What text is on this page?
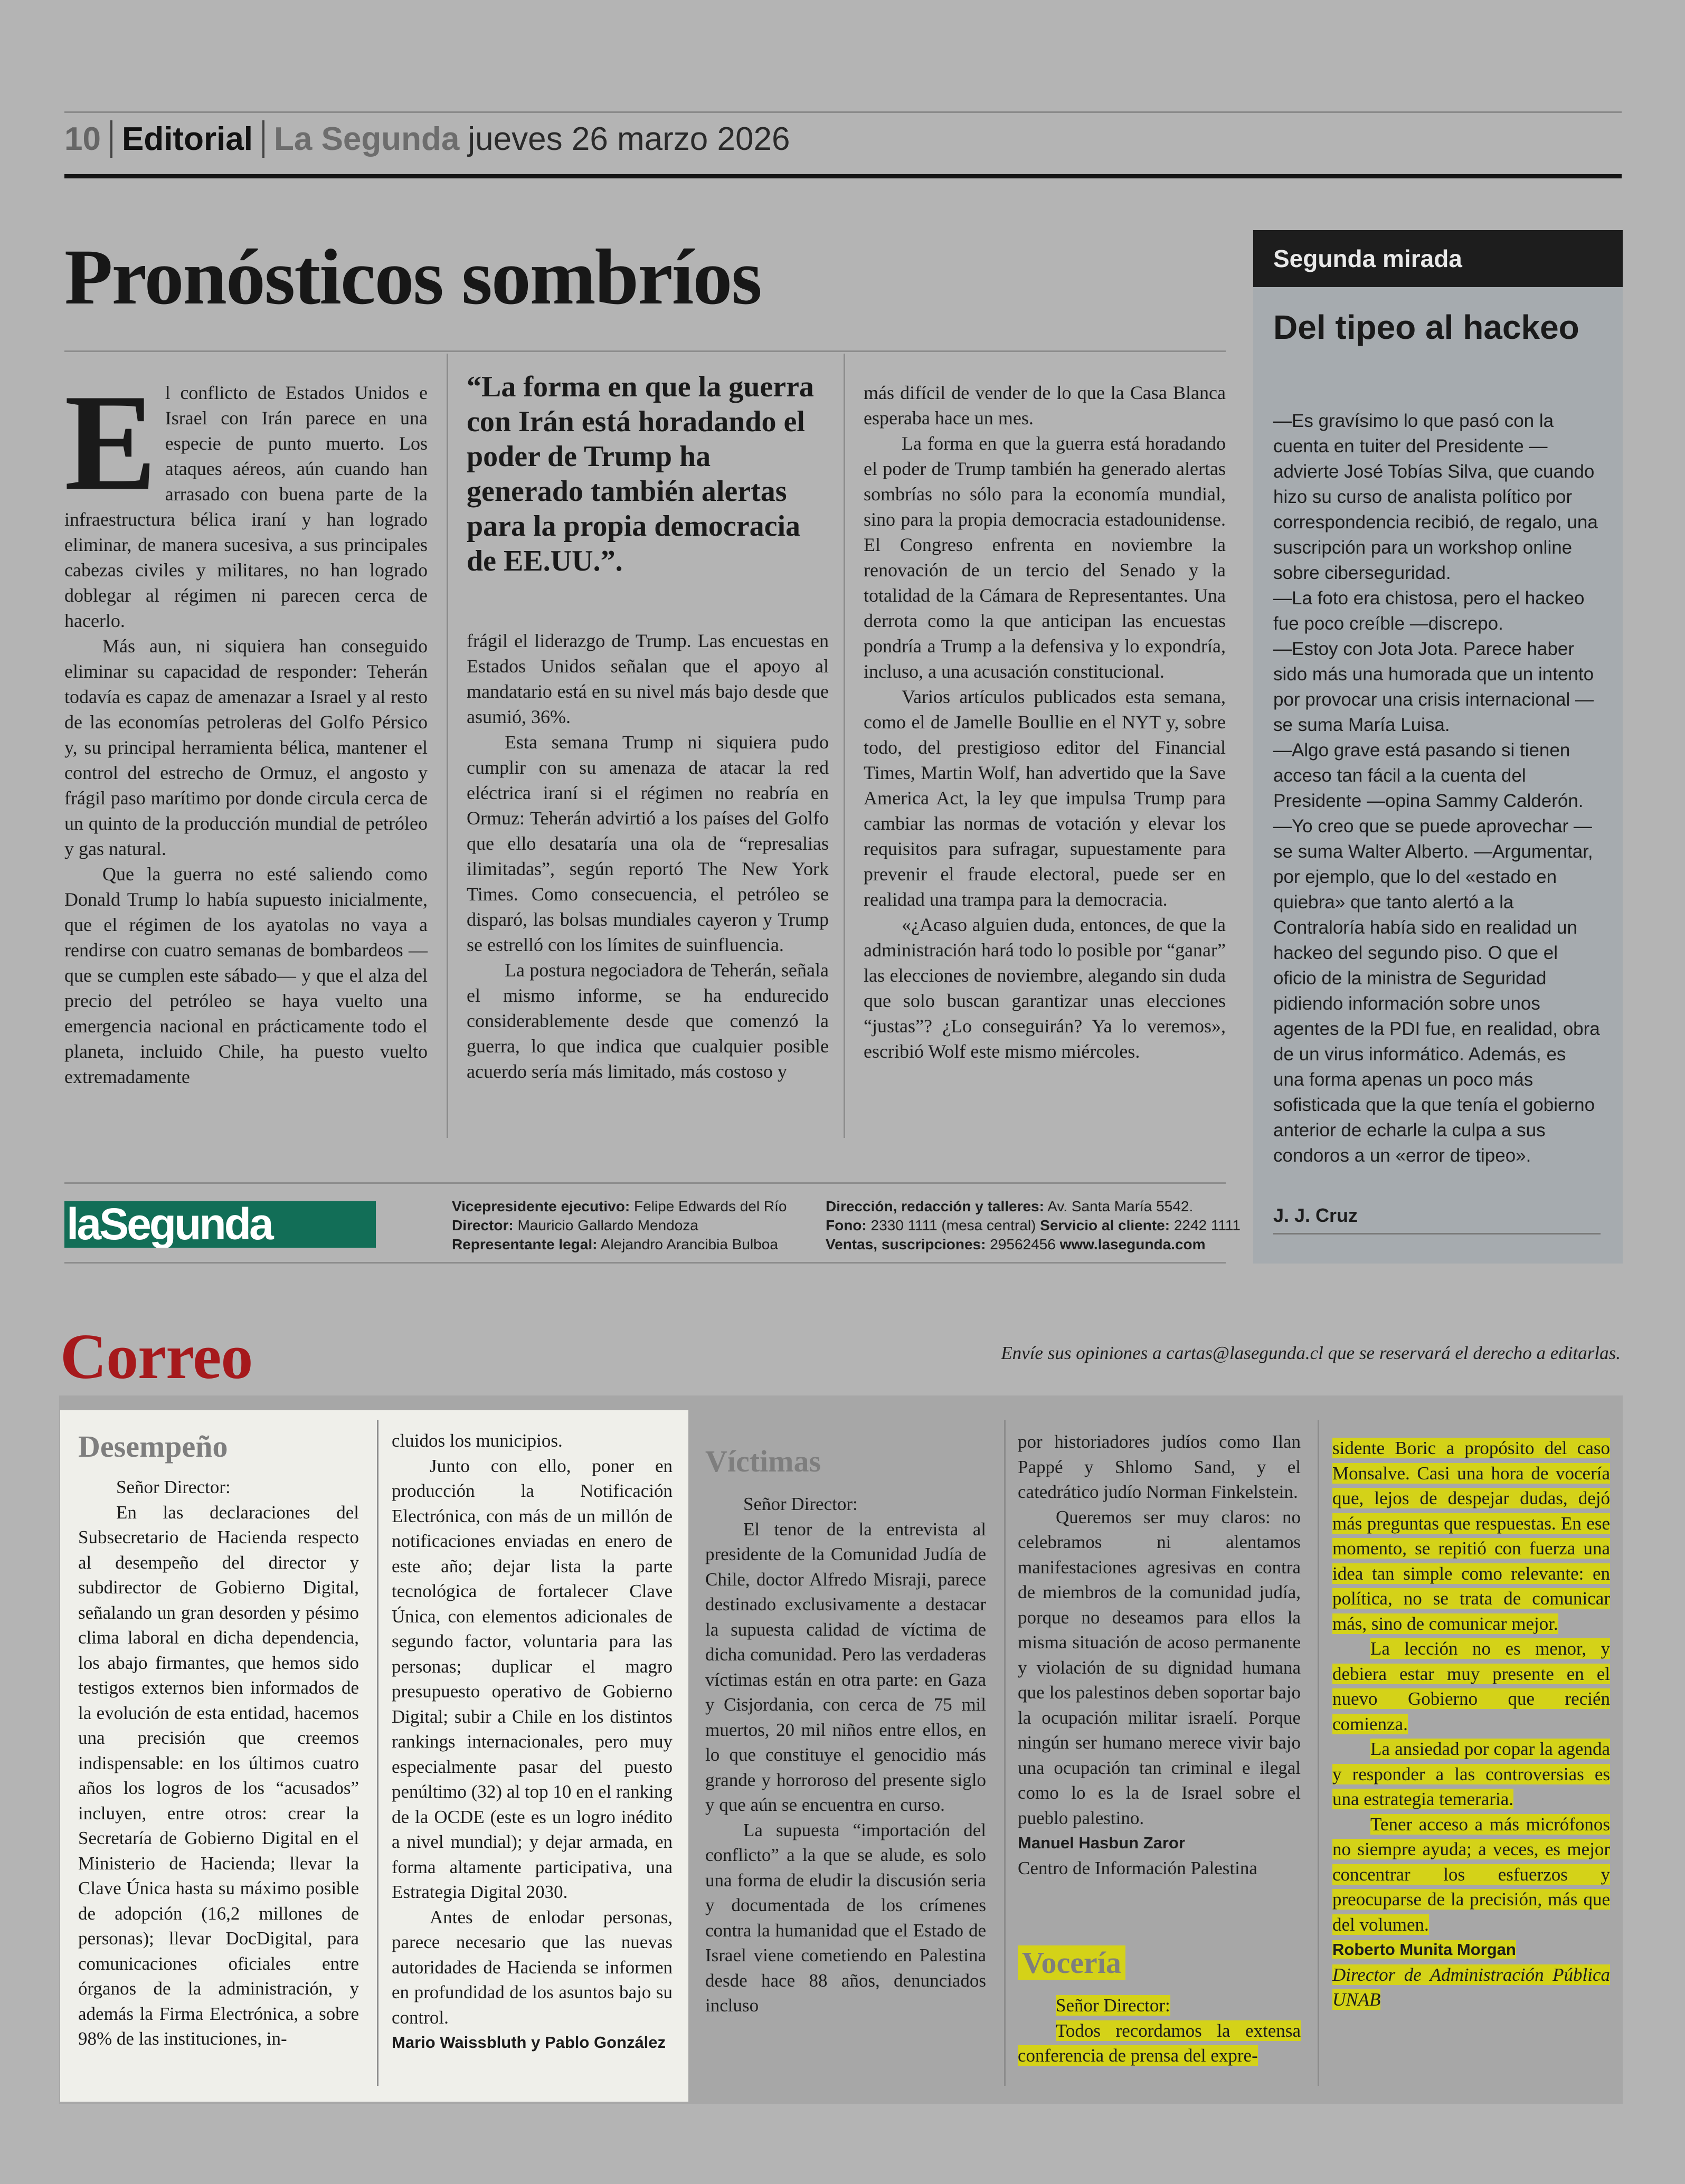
10 Editorial La Segunda jueves 26 marzo 2026
Pronósticos sombríos
E l conflicto de Estados Unidos e Israel con Irán parece en una especie de punto muerto. Los ataques aéreos, aún cuando han arrasado con buena parte de la infraestructura bélica iraní y han logrado eliminar, de manera sucesiva, a sus principales cabezas civiles y militares, no han logrado doblegar al régimen ni parecen cerca de hacerlo.

Más aun, ni siquiera han conseguido eliminar su capacidad de responder: Teherán todavía es capaz de amenazar a Israel y al resto de las economías petroleras del Golfo Pérsico y, su principal herramienta bélica, mantener el control del estrecho de Ormuz, el angosto y frágil paso marítimo por donde circula cerca de un quinto de la producción mundial de petróleo y gas natural.

Que la guerra no esté saliendo como Donald Trump lo había supuesto inicialmente, que el régimen de los ayatolas no vaya a rendirse con cuatro semanas de bombardeos —que se cumplen este sábado— y que el alza del precio del petróleo se haya vuelto una emergencia nacional en prácticamente todo el planeta, incluido Chile, ha puesto vuelto extremadamente

“La forma en que la guerra con Irán está horadando el poder de Trump ha generado también alertas para la propia democracia de EE.UU.”.

frágil el liderazgo de Trump. Las encuestas en Estados Unidos señalan que el apoyo al mandatario está en su nivel más bajo desde que asumió, 36%.

Esta semana Trump ni siquiera pudo cumplir con su amenaza de atacar la red eléctrica iraní si el régimen no reabría en Ormuz: Teherán advirtió a los países del Golfo que ello desataría una ola de “represalias ilimitadas”, según reportó The New York Times. Como consecuencia, el petróleo se disparó, las bolsas mundiales cayeron y Trump se estrelló con los límites de suinfluencia.

La postura negociadora de Teherán, señala el mismo informe, se ha endurecido considerablemente desde que comenzó la guerra, lo que indica que cualquier posible acuerdo sería más limitado, más costoso y

más difícil de vender de lo que la Casa Blanca esperaba hace un mes.

La forma en que la guerra está horadando el poder de Trump también ha generado alertas sombrías no sólo para la economía mundial, sino para la propia democracia estadounidense. El Congreso enfrenta en noviembre la renovación de un tercio del Senado y la totalidad de la Cámara de Representantes. Una derrota como la que anticipan las encuestas pondría a Trump a la defensiva y lo expondría, incluso, a una acusación constitucional.

Varios artículos publicados esta semana, como el de Jamelle Boullie en el NYT y, sobre todo, del prestigioso editor del Financial Times, Martin Wolf, han advertido que la Save America Act, la ley que impulsa Trump para cambiar las normas de votación y elevar los requisitos para sufragar, supuestamente para prevenir el fraude electoral, puede ser en realidad una trampa para la democracia.

«¿Acaso alguien duda, entonces, de que la administración hará todo lo posible por “ganar” las elecciones de noviembre, alegando sin duda que solo buscan garantizar unas elecciones “justas”? ¿Lo conseguirán? Ya lo veremos», escribió Wolf este mismo miércoles.

laSegunda	Vicepresidente ejecutivo: Felipe Edwards del Río
Director: Mauricio Gallardo Mendoza
Representante legal: Alejandro Arancibia Bulboa
Dirección, redacción y talleres: Av. Santa María 5542.
Fono: 2330 1111 (mesa central) Servicio al cliente: 2242 1111
Ventas, suscripciones: 29562456 www.lasegunda.com
Segunda mirada
Del tipeo al hackeo

—Es gravísimo lo que pasó con la cuenta en tuiter del Presidente —advierte José Tobías Silva, que cuando hizo su curso de analista político por correspondencia recibió, de regalo, una suscripción para un workshop online sobre ciberseguridad.

—La foto era chistosa, pero el hackeo fue poco creíble —discrepo.

—Estoy con Jota Jota. Parece haber sido más una humorada que un intento por provocar una crisis internacional —se suma María Luisa.

—Algo grave está pasando si tienen acceso tan fácil a la cuenta del Presidente —opina Sammy Calderón.

—Yo creo que se puede aprovechar —se suma Walter Alberto. —Argumentar, por ejemplo, que lo del «estado en quiebra» que tanto alertó a la Contraloría había sido en realidad un hackeo del segundo piso. O que el oficio de la ministra de Seguridad pidiendo información sobre unos agentes de la PDI fue, en realidad, obra de un virus informático. Además, es una forma apenas un poco más sofisticada que la que tenía el gobierno anterior de echarle la culpa a sus condoros a un «error de tipeo».

J. J. Cruz
Correo	Envíe sus opiniones a cartas@lasegunda.cl que se reservará el derecho a editarlas.
Desempeño

Señor Director:

En las declaraciones del Subsecretario de Hacienda respecto al desempeño del director y subdirector de Gobierno Digital, señalando un gran desorden y pésimo clima laboral en dicha dependencia, los abajo firmantes, que hemos sido testigos externos bien informados de la evolución de esta entidad, hacemos una precisión que creemos indispensable: en los últimos cuatro años los logros de los “acusados” incluyen, entre otros: crear la Secretaría de Gobierno Digital en el Ministerio de Hacienda; llevar la Clave Única hasta su máximo posible de adopción (16,2 millones de personas); llevar DocDigital, para comunicaciones oficiales entre órganos de la administración, y además la Firma Electrónica, a sobre 98% de las instituciones, in-

cluidos los municipios.

Junto con ello, poner en producción la Notificación Electrónica, con más de un millón de notificaciones enviadas en enero de este año; dejar lista la parte tecnológica de fortalecer Clave Única, con elementos adicionales de segundo factor, voluntaria para las personas; duplicar el magro presupuesto operativo de Gobierno Digital; subir a Chile en los distintos rankings internacionales, pero muy especialmente pasar del puesto penúltimo (32) al top 10 en el ranking de la OCDE (este es un logro inédito a nivel mundial); y dejar armada, en forma altamente participativa, una Estrategia Digital 2030.

Antes de enlodar personas, parece necesario que las nuevas autoridades de Hacienda se informen en profundidad de los asuntos bajo su control.

Mario Waissbluth y Pablo González

Víctimas

Señor Director:

El tenor de la entrevista al presidente de la Comunidad Judía de Chile, doctor Alfredo Misraji, parece destinado exclusivamente a destacar la supuesta calidad de víctima de dicha comunidad. Pero las verdaderas víctimas están en otra parte: en Gaza y Cisjordania, con cerca de 75 mil muertos, 20 mil niños entre ellos, en lo que constituye el genocidio más grande y horroroso del presente siglo y que aún se encuentra en curso.

La supuesta “importación del conflicto” a la que se alude, es solo una forma de eludir la discusión seria y documentada de los crímenes contra la humanidad que el Estado de Israel viene cometiendo en Palestina desde hace 88 años, denunciados incluso

por historiadores judíos como Ilan Pappé y Shlomo Sand, y el catedrático judío Norman Finkelstein.

Queremos ser muy claros: no celebramos ni alentamos manifestaciones agresivas en contra de miembros de la comunidad judía, porque no deseamos para ellos la misma situación de acoso permanente y violación de su dignidad humana que los palestinos deben soportar bajo la ocupación militar israelí. Porque ningún ser humano merece vivir bajo una ocupación tan criminal e ilegal como lo es la de Israel sobre el pueblo palestino.

Manuel Hasbun Zaror

Centro de Información Palestina

Vocería

Señor Director:

Todos recordamos la extensa conferencia de prensa del expre-

sidente Boric a propósito del caso Monsalve. Casi una hora de vocería que, lejos de despejar dudas, dejó más preguntas que respuestas. En ese momento, se repitió con fuerza una idea tan simple como relevante: en política, no se trata de comunicar más, sino de comunicar mejor.

La lección no es menor, y debiera estar muy presente en el nuevo Gobierno que recién comienza.

La ansiedad por copar la agenda y responder a las controversias es una estrategia temeraria.

Tener acceso a más micrófonos no siempre ayuda; a veces, es mejor concentrar los esfuerzos y preocuparse de la precisión, más que del volumen.

Roberto Munita Morgan

Director de Administración Pública UNAB
